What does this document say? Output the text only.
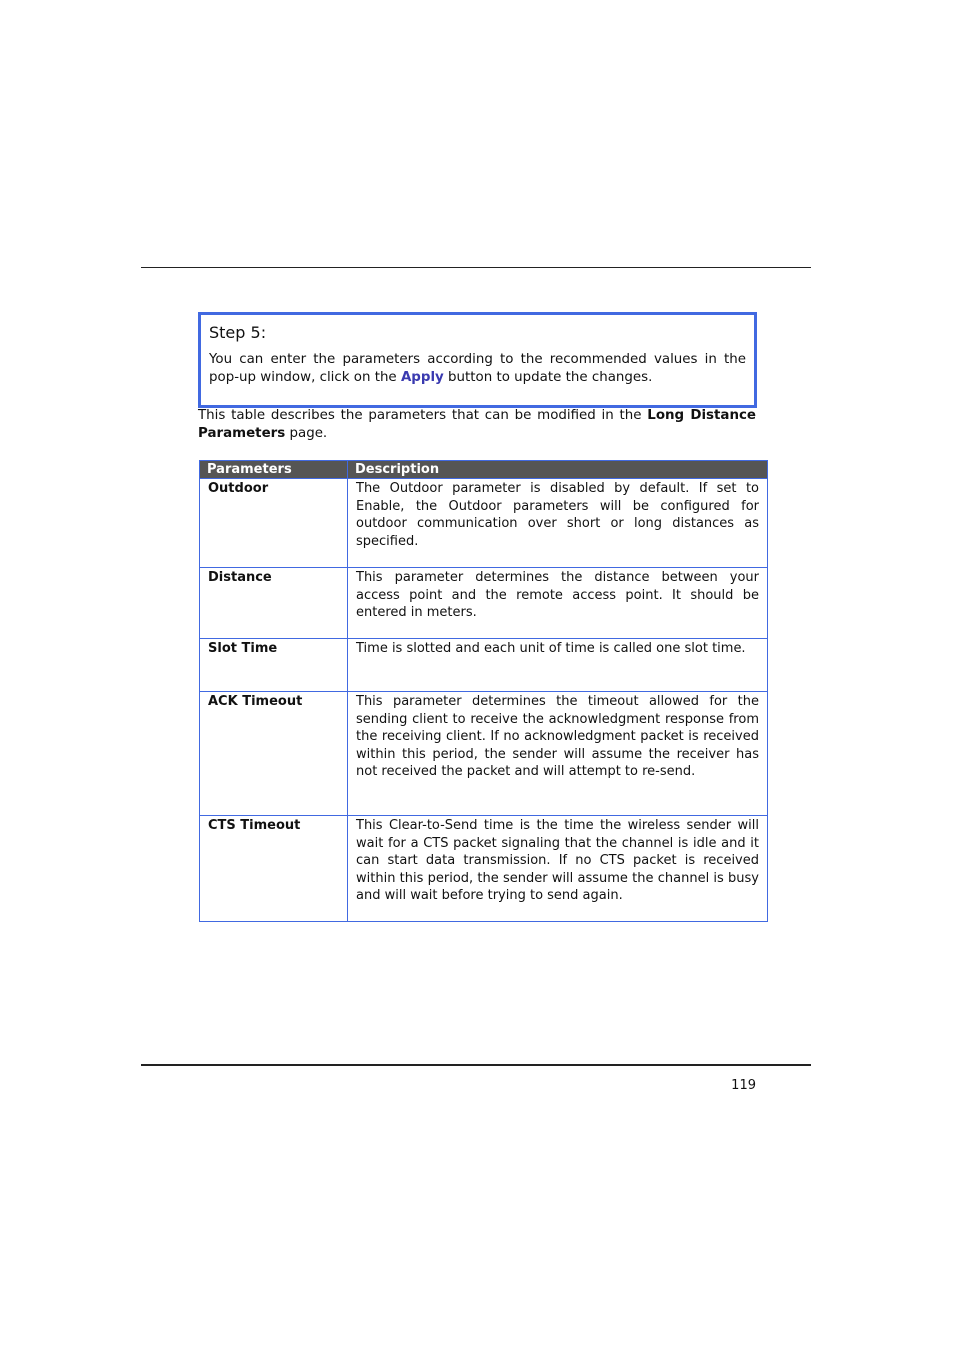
Step 5:

You can enter the parameters according to the recommended values in the pop-up window, click on the Apply button to update the changes.

This table describes the parameters that can be modified in the Long Distance Parameters page.

Parameters	Description
Outdoor	The Outdoor parameter is disabled by default. If set to Enable, the Outdoor parameters will be configured for outdoor communication over short or long distances as specified.
Distance	This parameter determines the distance between your access point and the remote access point. It should be entered in meters.
Slot Time	Time is slotted and each unit of time is called one slot time.
ACK Timeout	This parameter determines the timeout allowed for the sending client to receive the acknowledgment response from the receiving client. If no acknowledgment packet is received within this period, the sender will assume the receiver has not received the packet and will attempt to re-send.
CTS Timeout	This Clear-to-Send time is the time the wireless sender will wait for a CTS packet signaling that the channel is idle and it can start data transmission. If no CTS packet is received within this period, the sender will assume the channel is busy and will wait before trying to send again.
119
